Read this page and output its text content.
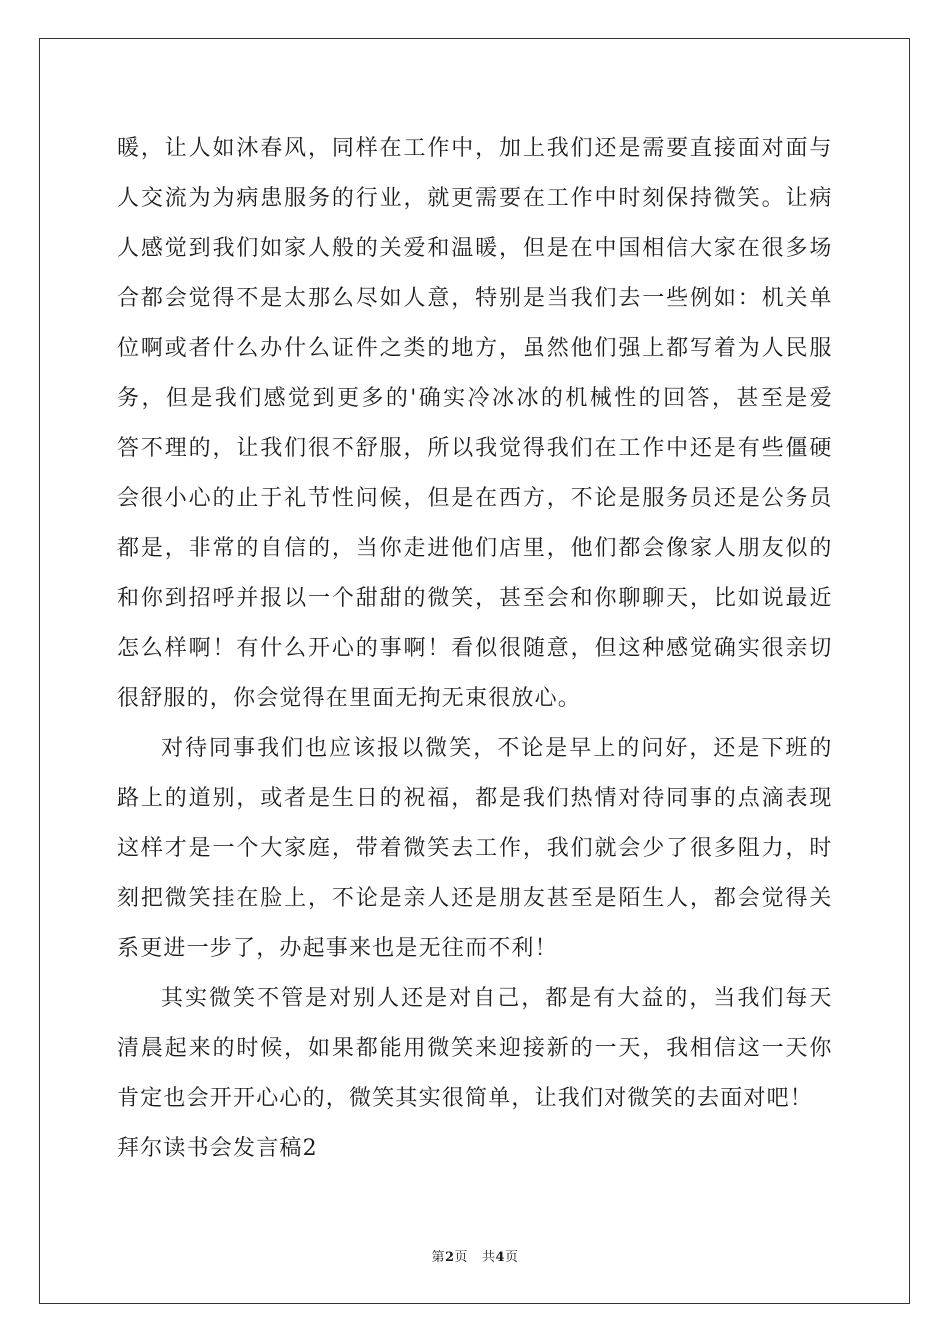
暖 ， 让 人 如 沐 春 风 ， 同 样 在 工 作 中 ， 加 上 我 们 还 是 需 要 直 接 面 对 面 与
人 交 流 为 为 病 患 服 务 的 行 业 ， 就 更 需 要 在 工 作 中 时 刻 保 持 微 笑 。 让 病
人 感 觉 到 我 们 如 家 人 般 的 关 爱 和 温 暖 ， 但 是 在 中 国 相 信 大 家 在 很 多 场
合 都 会 觉 得 不 是 太 那 么 尽 如 人 意 ， 特 别 是 当 我 们 去 一 些 例 如 ： 机 关 单
位 啊 或 者 什 么 办 什 么 证 件 之 类 的 地 方 ， 虽 然 他 们 强 上 都 写 着 为 人 民 服
务 ， 但 是 我 们 感 觉 到 更 多 的 ' 确 实 冷 冰 冰 的 机 械 性 的 回 答 ， 甚 至 是 爱
答 不 理 的 ， 让 我 们 很 不 舒 服 ， 所 以 我 觉 得 我 们 在 工 作 中 还 是 有 些 僵 硬
会 很 小 心 的 止 于 礼 节 性 问 候 ， 但 是 在 西 方 ， 不 论 是 服 务 员 还 是 公 务 员
都 是 ， 非 常 的 自 信 的 ， 当 你 走 进 他 们 店 里 ， 他 们 都 会 像 家 人 朋 友 似 的
和 你 到 招 呼 并 报 以 一 个 甜 甜 的 微 笑 ， 甚 至 会 和 你 聊 聊 天 ， 比 如 说 最 近
怎 么 样 啊 ！ 有 什 么 开 心 的 事 啊 ！ 看 似 很 随 意 ， 但 这 种 感 觉 确 实 很 亲 切
很舒服的，你会觉得在里面无拘无束很放心。
对 待 同 事 我 们 也 应 该 报 以 微 笑 ， 不 论 是 早 上 的 问 好 ， 还 是 下 班 的
路 上 的 道 别 ， 或 者 是 生 日 的 祝 福 ， 都 是 我 们 热 情 对 待 同 事 的 点 滴 表 现
这 样 才 是 一 个 大 家 庭 ， 带 着 微 笑 去 工 作 ， 我 们 就 会 少 了 很 多 阻 力 ， 时
刻 把 微 笑 挂 在 脸 上 ， 不 论 是 亲 人 还 是 朋 友 甚 至 是 陌 生 人 ， 都 会 觉 得 关
系更进一步了，办起事来也是无往而不利！
其 实 微 笑 不 管 是 对 别 人 还 是 对 自 己 ， 都 是 有 大 益 的 ， 当 我 们 每 天
清 晨 起 来 的 时 候 ， 如 果 都 能 用 微 笑 来 迎 接 新 的 一 天 ， 我 相 信 这 一 天 你
肯定也会开开心心的，微笑其实很简单，让我们对微笑的去面对吧！
拜尔读书会发言稿2
第2页   共4页
